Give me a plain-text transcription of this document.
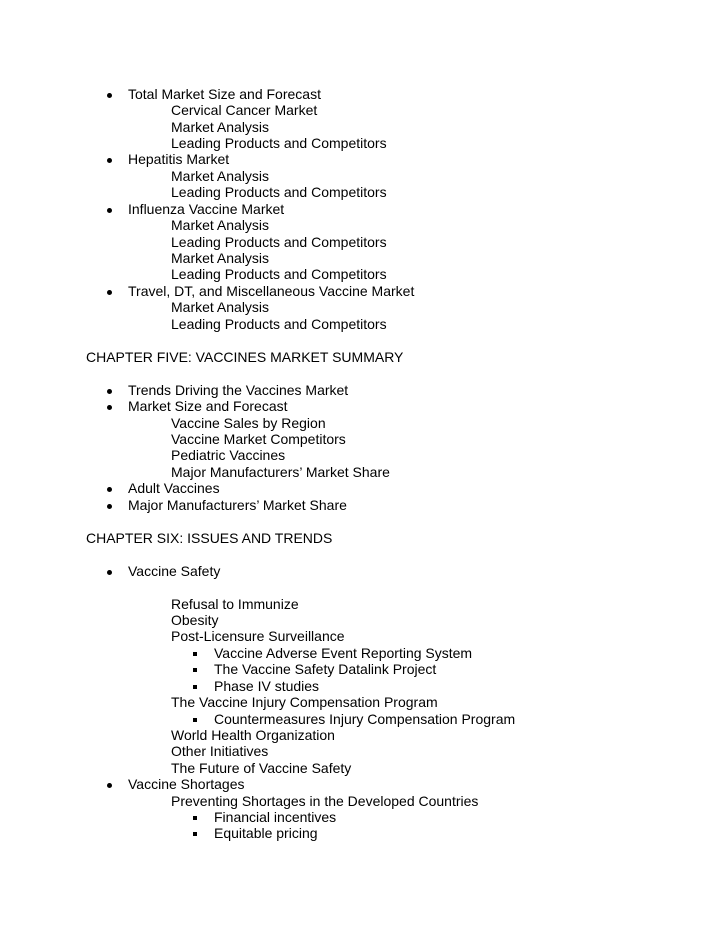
Total Market Size and Forecast
Cervical Cancer Market
Market Analysis
Leading Products and Competitors
Hepatitis Market
Market Analysis
Leading Products and Competitors
Influenza Vaccine Market
Market Analysis
Leading Products and Competitors
Market Analysis
Leading Products and Competitors
Travel, DT, and Miscellaneous Vaccine Market
Market Analysis
Leading Products and Competitors
CHAPTER FIVE: VACCINES MARKET SUMMARY
Trends Driving the Vaccines Market
Market Size and Forecast
Vaccine Sales by Region
Vaccine Market Competitors
Pediatric Vaccines
Major Manufacturers’ Market Share
Adult Vaccines
Major Manufacturers’ Market Share
CHAPTER SIX: ISSUES AND TRENDS
Vaccine Safety
Refusal to Immunize
Obesity
Post-Licensure Surveillance
Vaccine Adverse Event Reporting System
The Vaccine Safety Datalink Project
Phase IV studies
The Vaccine Injury Compensation Program
Countermeasures Injury Compensation Program
World Health Organization
Other Initiatives
The Future of Vaccine Safety
Vaccine Shortages
Preventing Shortages in the Developed Countries
Financial incentives
Equitable pricing
